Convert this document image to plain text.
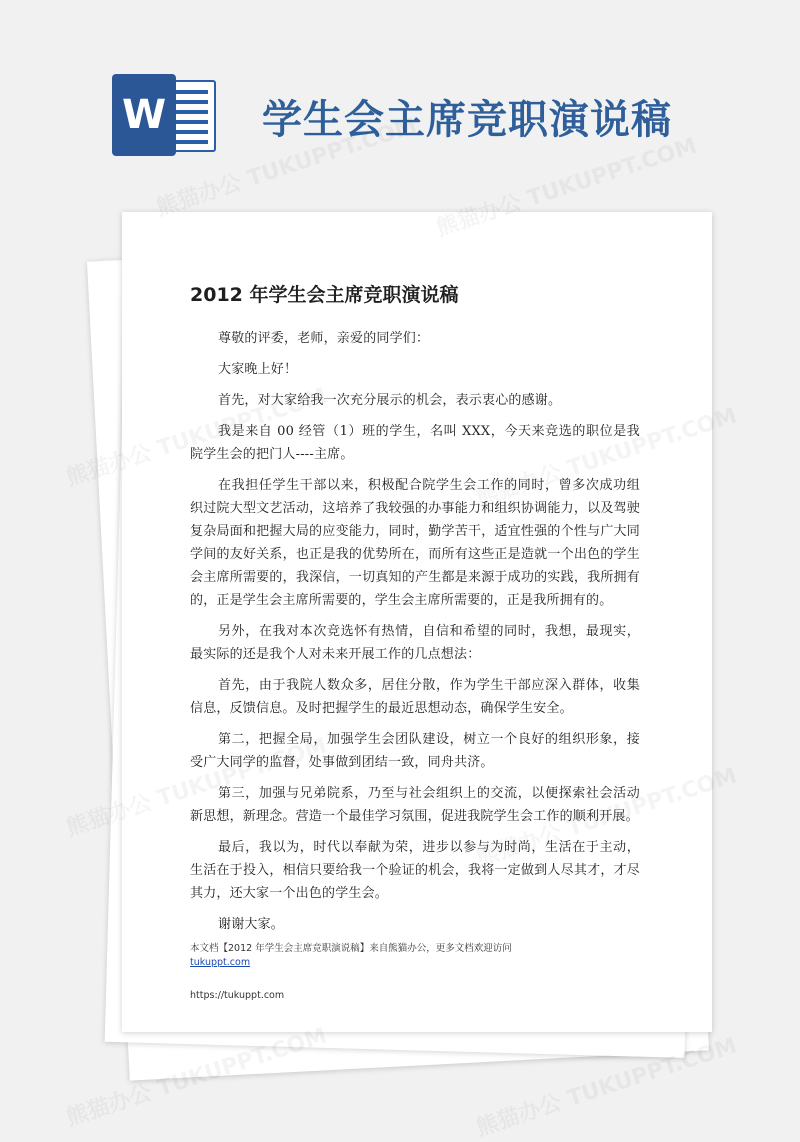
W 学生会主席竞职演说稿
2012 年学生会主席竞职演说稿

尊敬的评委，老师，亲爱的同学们：

大家晚上好！

首先，对大家给我一次充分展示的机会，表示衷心的感谢。

我是来自 00 经管（1）班的学生，名叫 XXX，今天来竞选的职位是我院学生会的把门人----主席。

在我担任学生干部以来，积极配合院学生会工作的同时，曾多次成功组织过院大型文艺活动，这培养了我较强的办事能力和组织协调能力，以及驾驶复杂局面和把握大局的应变能力，同时，勤学苦干，适宜性强的个性与广大同学间的友好关系，也正是我的优势所在，而所有这些正是造就一个出色的学生会主席所需要的，我深信，一切真知的产生都是来源于成功的实践，我所拥有的，正是学生会主席所需要的，学生会主席所需要的，正是我所拥有的。

另外，在我对本次竞选怀有热情，自信和希望的同时，我想，最现实，最实际的还是我个人对未来开展工作的几点想法：

首先，由于我院人数众多，居住分散，作为学生干部应深入群体，收集信息，反馈信息。及时把握学生的最近思想动态，确保学生安全。

第二，把握全局，加强学生会团队建设，树立一个良好的组织形象，接受广大同学的监督，处事做到团结一致，同舟共济。

第三，加强与兄弟院系，乃至与社会组织上的交流，以便探索社会活动新思想，新理念。营造一个最佳学习氛围，促进我院学生会工作的顺利开展。

最后，我以为，时代以奉献为荣，进步以参与为时尚，生活在于主动，生活在于投入，相信只要给我一个验证的机会，我将一定做到人尽其才，才尽其力，还大家一个出色的学生会。

谢谢大家。

本文档【2012 年学生会主席竞职演说稿】来自熊猫办公，更多文档欢迎访问
tukuppt.com
https://tukuppt.com
